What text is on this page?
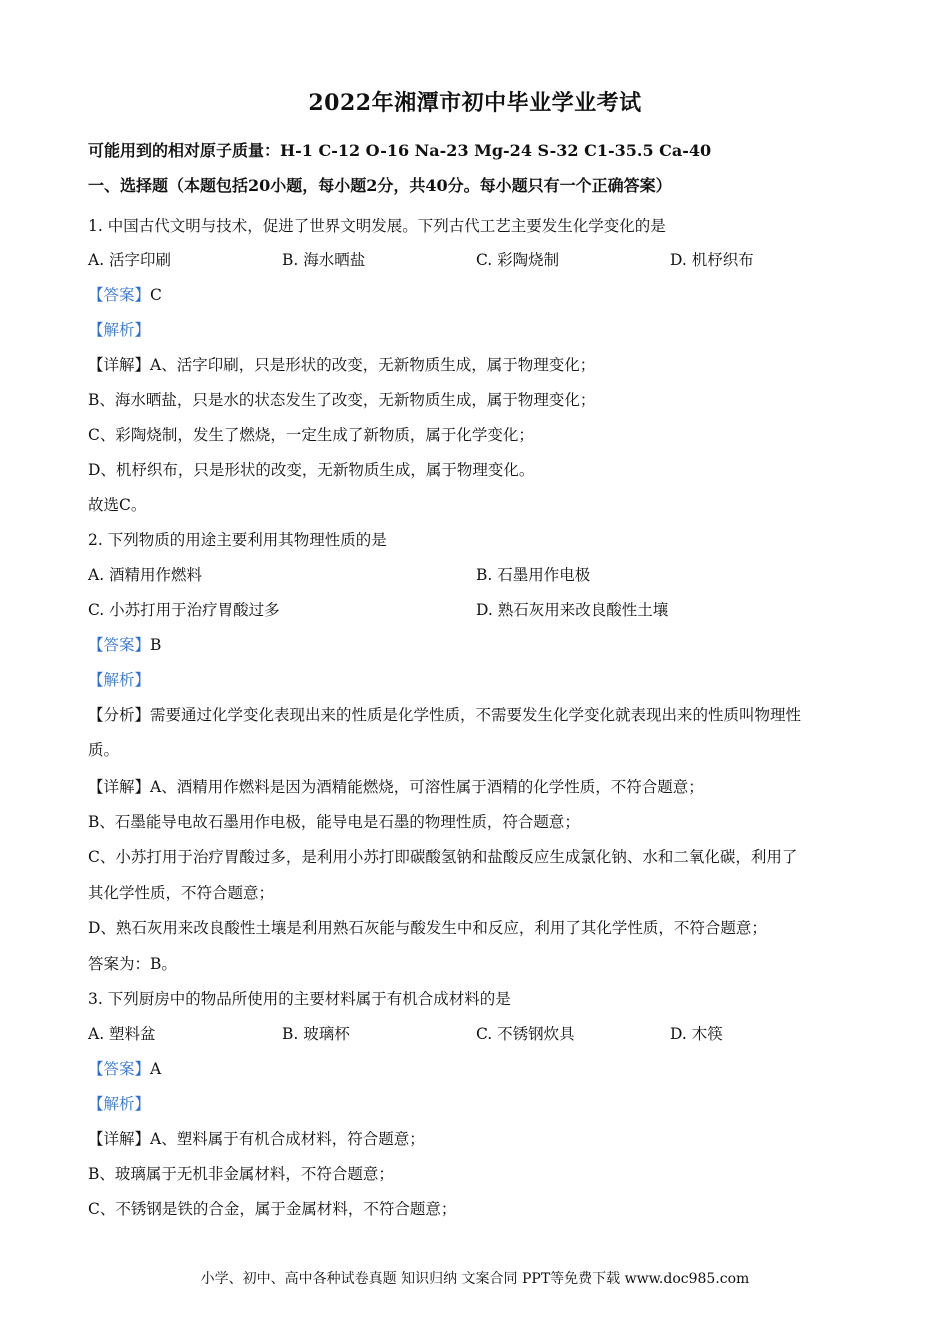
2022年湘潭市初中毕业学业考试
可能用到的相对原子质量：H-1 C-12 O-16 Na-23 Mg-24 S-32 C1-35.5 Ca-40
一、选择题（本题包括20小题，每小题2分，共40分。每小题只有一个正确答案）
1. 中国古代文明与技术，促进了世界文明发展。下列古代工艺主要发生化学变化的是
A. 活字印刷	B. 海水晒盐	C. 彩陶烧制	D. 机杼织布
【答案】C
【解析】
【详解】A、活字印刷，只是形状的改变，无新物质生成，属于物理变化；
B、海水晒盐，只是水的状态发生了改变，无新物质生成，属于物理变化；
C、彩陶烧制，发生了燃烧，一定生成了新物质，属于化学变化；
D、机杼织布，只是形状的改变，无新物质生成，属于物理变化。
故选C。
2. 下列物质的用途主要利用其物理性质的是
A. 酒精用作燃料	B. 石墨用作电极
C. 小苏打用于治疗胃酸过多	D. 熟石灰用来改良酸性土壤
【答案】B
【解析】
【分析】需要通过化学变化表现出来的性质是化学性质，不需要发生化学变化就表现出来的性质叫物理性
质。
【详解】A、酒精用作燃料是因为酒精能燃烧，可溶性属于酒精的化学性质，不符合题意；
B、石墨能导电故石墨用作电极，能导电是石墨的物理性质，符合题意；
C、小苏打用于治疗胃酸过多，是利用小苏打即碳酸氢钠和盐酸反应生成氯化钠、水和二氧化碳，利用了
其化学性质，不符合题意；
D、熟石灰用来改良酸性土壤是利用熟石灰能与酸发生中和反应，利用了其化学性质，不符合题意；
答案为：B。
3. 下列厨房中的物品所使用的主要材料属于有机合成材料的是
A. 塑料盆	B. 玻璃杯	C. 不锈钢炊具	D. 木筷
【答案】A
【解析】
【详解】A、塑料属于有机合成材料，符合题意；
B、玻璃属于无机非金属材料，不符合题意；
C、不锈钢是铁的合金，属于金属材料，不符合题意；
小学、初中、高中各种试卷真题 知识归纳 文案合同 PPT等免费下载 www.doc985.com
